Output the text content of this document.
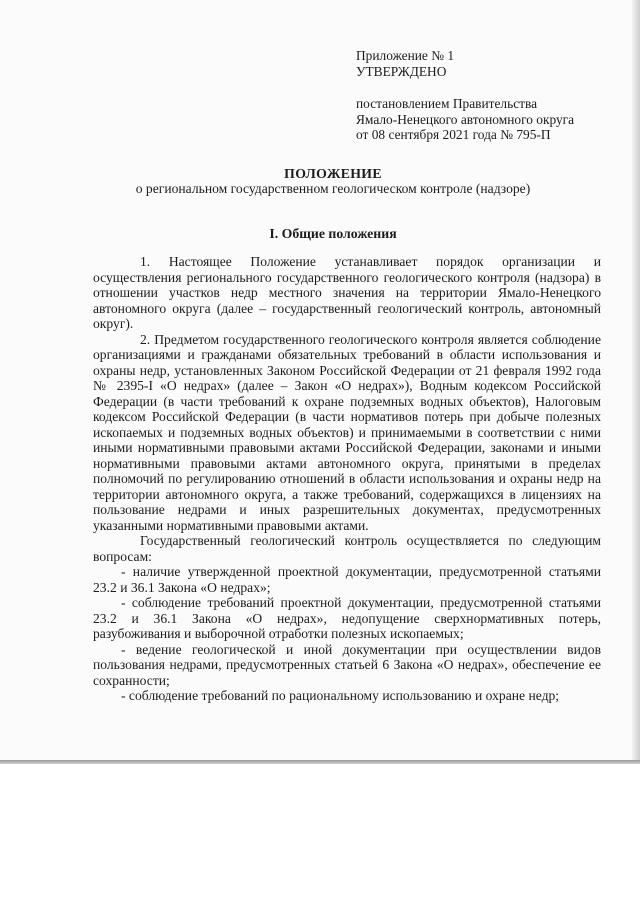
Приложение № 1
УТВЕРЖДЕНО
постановлением Правительства
Ямало-Ненецкого автономного округа
от 08 сентября 2021 года № 795-П
ПОЛОЖЕНИЕ
о региональном государственном геологическом контроле (надзоре)
I. Общие положения

1. Настоящее Положение устанавливает порядок организации и осуществления регионального государственного геологического контроля (надзора) в отношении участков недр местного значения на территории Ямало-Ненецкого автономного округа (далее – государственный геологический контроль, автономный округ).

2. Предметом государственного геологического контроля является соблюдение организациями и гражданами обязательных требований в области использования и охраны недр, установленных Законом Российской Федерации от 21 февраля 1992 года № 2395-I «О недрах» (далее – Закон «О недрах»), Водным кодексом Российской Федерации (в части требований к охране подземных водных объектов), Налоговым кодексом Российской Федерации (в части нормативов потерь при добыче полезных ископаемых и подземных водных объектов) и принимаемыми в соответствии с ними иными нормативными правовыми актами Российской Федерации, законами и иными нормативными правовыми актами автономного округа, принятыми в пределах полномочий по регулированию отношений в области использования и охраны недр на территории автономного округа, а также требований, содержащихся в лицензиях на пользование недрами и иных разрешительных документах, предусмотренных указанными нормативными правовыми актами.

Государственный геологический контроль осуществляется по следующим вопросам:

- наличие утвержденной проектной документации, предусмотренной статьями 23.2 и 36.1 Закона «О недрах»;

- соблюдение требований проектной документации, предусмотренной статьями 23.2 и 36.1 Закона «О недрах», недопущение сверхнормативных потерь, разубоживания и выборочной отработки полезных ископаемых;

- ведение геологической и иной документации при осуществлении видов пользования недрами, предусмотренных статьей 6 Закона «О недрах», обеспечение ее сохранности;

- соблюдение требований по рациональному использованию и охране недр;
